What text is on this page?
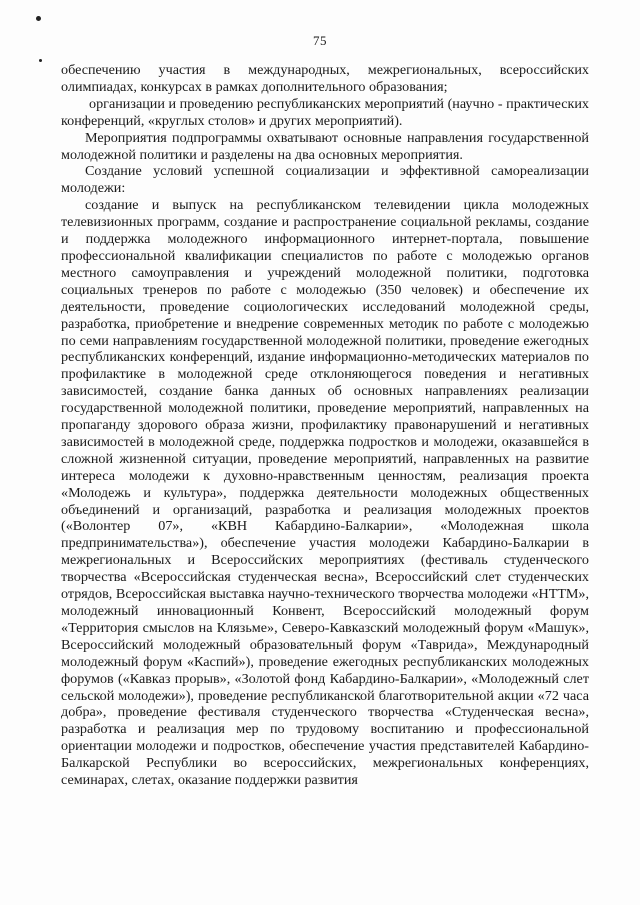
75

обеспечению участия в международных, межрегиональных, всероссийских олимпиадах, конкурсах в рамках дополнительного образования;

организации и проведению республиканских мероприятий (научно - практических конференций, «круглых столов» и других мероприятий).

Мероприятия подпрограммы охватывают основные направления государственной молодежной политики и разделены на два основных мероприятия.

Создание условий успешной социализации и эффективной самореализации молодежи:

создание и выпуск на республиканском телевидении цикла молодежных телевизионных программ, создание и распространение социальной рекламы, создание и поддержка молодежного информационного интернет-портала, повышение профессиональной квалификации специалистов по работе с молодежью органов местного самоуправления и учреждений молодежной политики, подготовка социальных тренеров по работе с молодежью (350 человек) и обеспечение их деятельности, проведение социологических исследований молодежной среды, разработка, приобретение и внедрение современных методик по работе с молодежью по семи направлениям государственной молодежной политики, проведение ежегодных республиканских конференций, издание информационно-методических материалов по профилактике в молодежной среде отклоняющегося поведения и негативных зависимостей, создание банка данных об основных направлениях реализации государственной молодежной политики, проведение мероприятий, направленных на пропаганду здорового образа жизни, профилактику правонарушений и негативных зависимостей в молодежной среде, поддержка подростков и молодежи, оказавшейся в сложной жизненной ситуации, проведение мероприятий, направленных на развитие интереса молодежи к духовно-нравственным ценностям, реализация проекта «Молодежь и культура», поддержка деятельности молодежных общественных объединений и организаций, разработка и реализация молодежных проектов («Волонтер 07», «КВН Кабардино-Балкарии», «Молодежная школа предпринимательства»), обеспечение участия молодежи Кабардино-Балкарии в межрегиональных и Всероссийских мероприятиях (фестиваль студенческого творчества «Всероссийская студенческая весна», Всероссийский слет студенческих отрядов, Всероссийская выставка научно-технического творчества молодежи «НТТМ», молодежный инновационный Конвент, Всероссийский молодежный форум «Территория смыслов на Клязьме», Северо-Кавказский молодежный форум «Машук», Всероссийский молодежный образовательный форум «Таврида», Международный молодежный форум «Каспий»), проведение ежегодных республиканских молодежных форумов («Кавказ прорыв», «Золотой фонд Кабардино-Балкарии», «Молодежный слет сельской молодежи»), проведение республиканской благотворительной акции «72 часа добра», проведение фестиваля студенческого творчества «Студенческая весна», разработка и реализация мер по трудовому воспитанию и профессиональной ориентации молодежи и подростков, обеспечение участия представителей Кабардино-Балкарской Республики во всероссийских, межрегиональных конференциях, семинарах, слетах, оказание поддержки развития
